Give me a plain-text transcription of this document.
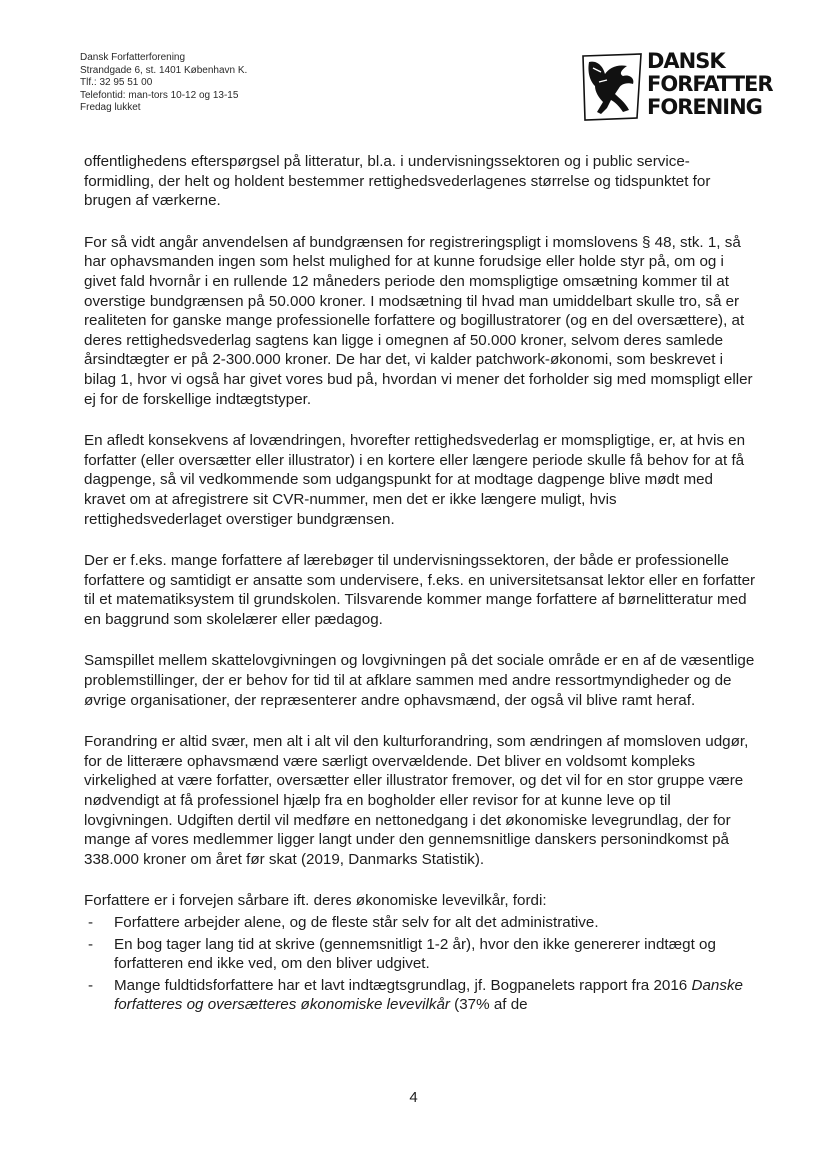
Dansk Forfatterforening
Strandgade 6, st. 1401 København K.
Tlf.: 32 95 51 00
Telefontid: man-tors 10-12 og 13-15
Fredag lukket
DANSK
FORFATTER
FORENING

offentlighedens efterspørgsel på litteratur, bl.a. i undervisningssektoren og i public service-formidling, der helt og holdent bestemmer rettighedsvederlagenes størrelse og tidspunktet for brugen af værkerne.

For så vidt angår anvendelsen af bundgrænsen for registreringspligt i momslovens § 48, stk. 1, så har ophavsmanden ingen som helst mulighed for at kunne forudsige eller holde styr på, om og i givet fald hvornår i en rullende 12 måneders periode den momspligtige omsætning kommer til at overstige bundgrænsen på 50.000 kroner. I modsætning til hvad man umiddelbart skulle tro, så er realiteten for ganske mange professionelle forfattere og bogillustratorer (og en del oversættere), at deres rettighedsvederlag sagtens kan ligge i omegnen af 50.000 kroner, selvom deres samlede årsindtægter er på 2-300.000 kroner. De har det, vi kalder patchwork-økonomi, som beskrevet i bilag 1, hvor vi også har givet vores bud på, hvordan vi mener det forholder sig med momspligt eller ej for de forskellige indtægtstyper.

En afledt konsekvens af lovændringen, hvorefter rettighedsvederlag er momspligtige, er, at hvis en forfatter (eller oversætter eller illustrator) i en kortere eller længere periode skulle få behov for at få dagpenge, så vil vedkommende som udgangspunkt for at modtage dagpenge blive mødt med kravet om at afregistrere sit CVR-nummer, men det er ikke længere muligt, hvis rettighedsvederlaget overstiger bundgrænsen.

Der er f.eks. mange forfattere af lærebøger til undervisningssektoren, der både er professionelle forfattere og samtidigt er ansatte som undervisere, f.eks. en universitetsansat lektor eller en forfatter til et matematiksystem til grundskolen. Tilsvarende kommer mange forfattere af børnelitteratur med en baggrund som skolelærer eller pædagog.

Samspillet mellem skattelovgivningen og lovgivningen på det sociale område er en af de væsentlige problemstillinger, der er behov for tid til at afklare sammen med andre ressortmyndigheder og de øvrige organisationer, der repræsenterer andre ophavsmænd, der også vil blive ramt heraf.

Forandring er altid svær, men alt i alt vil den kulturforandring, som ændringen af momsloven udgør, for de litterære ophavsmænd være særligt overvældende. Det bliver en voldsomt kompleks virkelighed at være forfatter, oversætter eller illustrator fremover, og det vil for en stor gruppe være nødvendigt at få professionel hjælp fra en bogholder eller revisor for at kunne leve op til lovgivningen. Udgiften dertil vil medføre en nettonedgang i det økonomiske levegrundlag, der for mange af vores medlemmer ligger langt under den gennemsnitlige danskers personindkomst på 338.000 kroner om året før skat (2019, Danmarks Statistik).

Forfattere er i forvejen sårbare ift. deres økonomiske levevilkår, fordi:

- Forfattere arbejder alene, og de fleste står selv for alt det administrative.
- En bog tager lang tid at skrive (gennemsnitligt 1-2 år), hvor den ikke genererer indtægt og forfatteren end ikke ved, om den bliver udgivet.
- Mange fuldtidsforfattere har et lavt indtægtsgrundlag, jf. Bogpanelets rapport fra 2016 Danske forfatteres og oversætteres økonomiske levevilkår (37% af de
4
